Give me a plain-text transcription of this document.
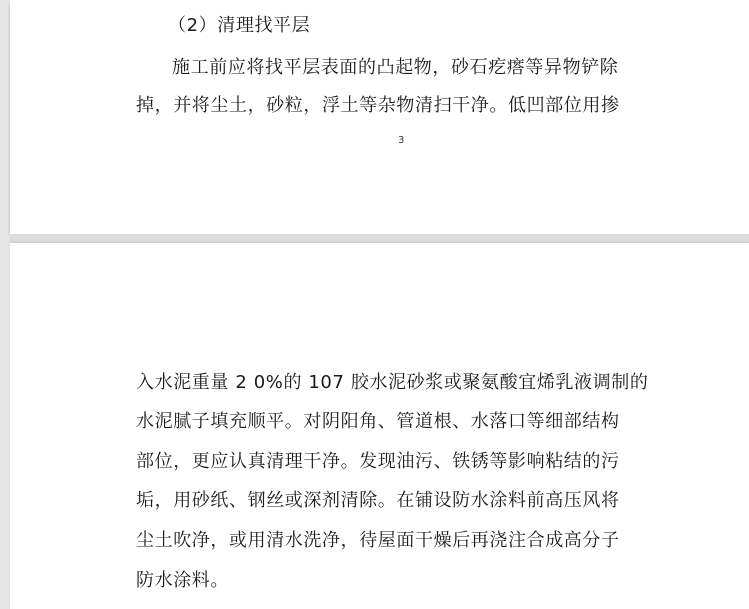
（2）清理找平层

施工前应将找平层表面的凸起物，砂石疙瘩等异物铲除

掉，并将尘土，砂粒，浮土等杂物清扫干净。低凹部位用掺

3

入水泥重量 2 0%的 107 胶水泥砂浆或聚氨酸宜烯乳液调制的

水泥腻子填充顺平。对阴阳角、管道根、水落口等细部结构

部位，更应认真清理干净。发现油污、铁锈等影响粘结的污

垢，用砂纸、钢丝或深剂清除。在铺设防水涂料前高压风将

尘土吹净，或用清水洗净，待屋面干燥后再浇注合成高分子

防水涂料。
